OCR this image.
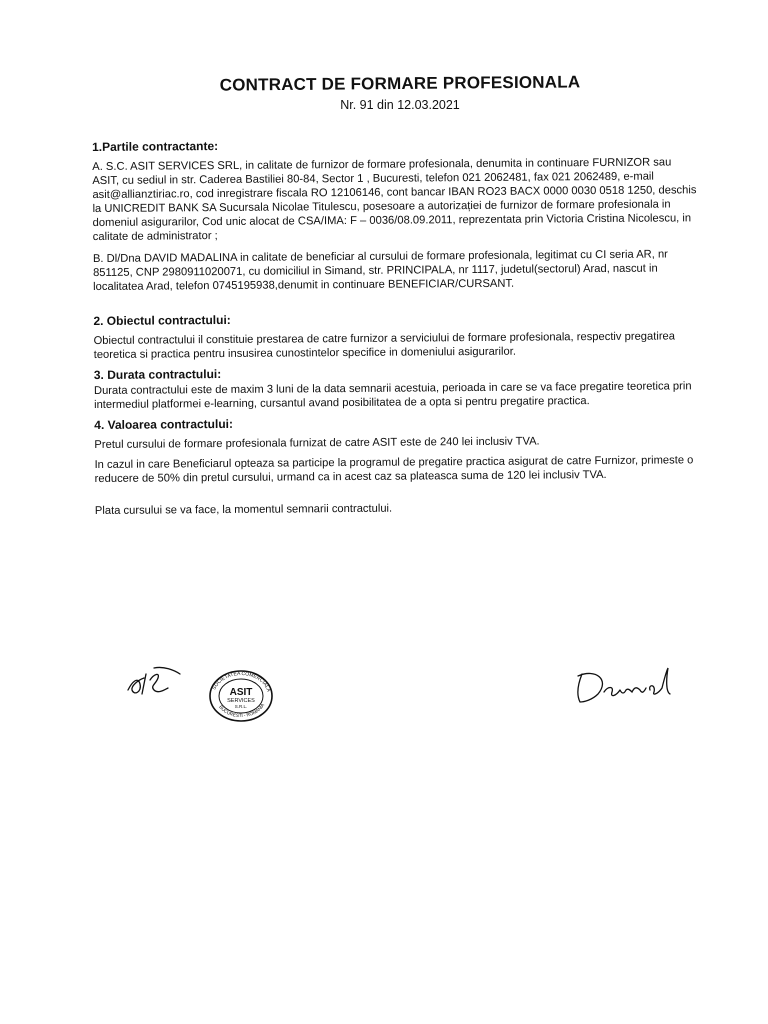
CONTRACT DE FORMARE PROFESIONALA
Nr. 91 din 12.03.2021

1.Partile contractante:

A. S.C. ASIT SERVICES SRL, in calitate de furnizor de formare profesionala, denumita in continuare FURNIZOR sau ASIT, cu sediul in str. Caderea Bastiliei 80-84, Sector 1 , Bucuresti, telefon 021 2062481, fax 021 2062489, e-mail asit@allianztiriac.ro, cod inregistrare fiscala RO 12106146, cont bancar IBAN RO23 BACX 0000 0030 0518 1250, deschis la UNICREDIT BANK SA Sucursala Nicolae Titulescu, posesoare a autorizației de furnizor de formare profesionala in domeniul asigurarilor, Cod unic alocat de CSA/IMA: F – 0036/08.09.2011, reprezentata prin Victoria Cristina Nicolescu, in calitate de administrator ;

B. Dl/Dna DAVID MADALINA in calitate de beneficiar al cursului de formare profesionala, legitimat cu CI seria AR, nr 851125, CNP 2980911020071, cu domiciliul in Simand, str. PRINCIPALA, nr 1117, judetul(sectorul) Arad, nascut in localitatea Arad, telefon 0745195938,denumit in continuare BENEFICIAR/CURSANT.

2. Obiectul contractului:

Obiectul contractului il constituie prestarea de catre furnizor a serviciului de formare profesionala, respectiv pregatirea teoretica si practica pentru insusirea cunostintelor specifice in domeniului asigurarilor.

3. Durata contractului:

Durata contractului este de maxim 3 luni de la data semnarii acestuia, perioada in care se va face pregatire teoretica prin intermediul platformei e-learning, cursantul avand posibilitatea de a opta si pentru pregatire practica.

4. Valoarea contractului:

Pretul cursului de formare profesionala furnizat de catre ASIT este de 240 lei inclusiv TVA.

In cazul in care Beneficiarul opteaza sa participe la programul de pregatire practica asigurat de catre Furnizor, primeste o reducere de 50% din pretul cursului, urmand ca in acest caz sa plateasca suma de 120 lei inclusiv TVA.

Plata cursului se va face, la momentul semnarii contractului.

SOCIETATEA COMERCIALA
BUCURESTI - ROMANIA
ASIT
SERVICES
S.R.L.
